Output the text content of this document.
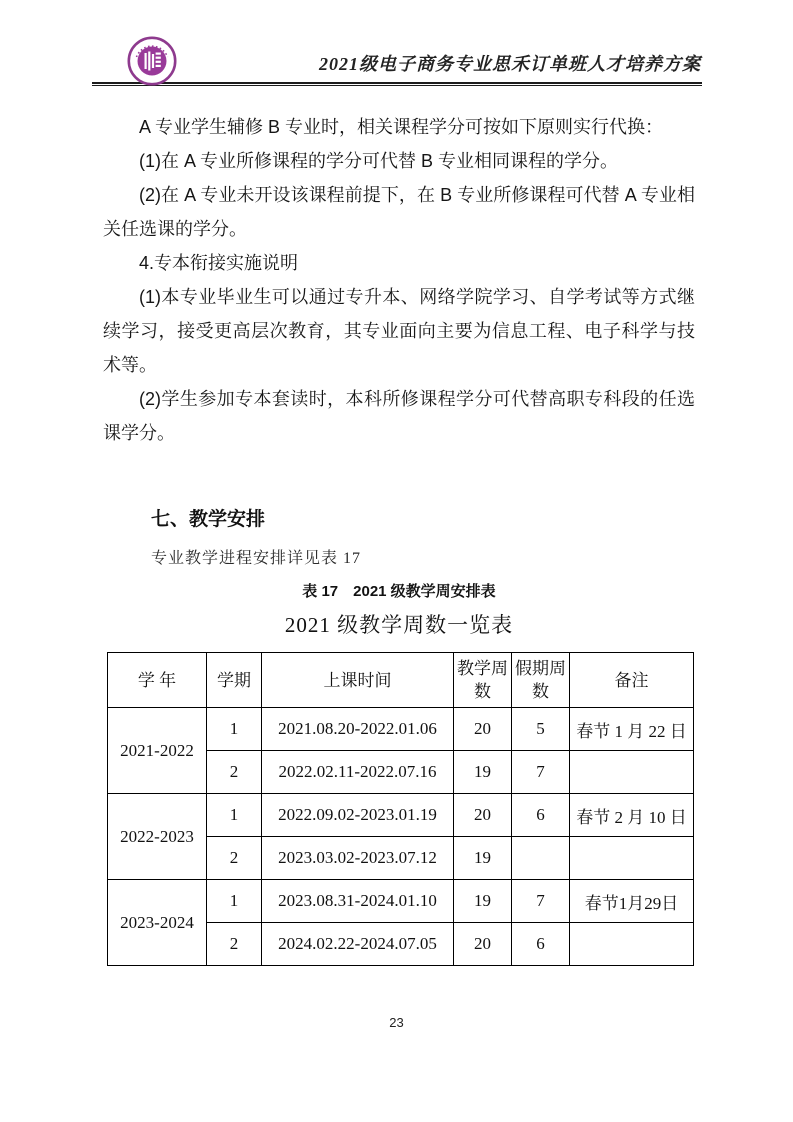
2021级电子商务专业思禾订单班人才培养方案

A 专业学生辅修 B 专业时，相关课程学分可按如下原则实行代换：

(1)在 A 专业所修课程的学分可代替 B 专业相同课程的学分。

(2)在 A 专业未开设该课程前提下，在 B 专业所修课程可代替 A 专业相关任选课的学分。

4.专本衔接实施说明

(1)本专业毕业生可以通过专升本、网络学院学习、自学考试等方式继续学习，接受更高层次教育，其专业面向主要为信息工程、电子科学与技术等。

(2)学生参加专本套读时，本科所修课程学分可代替高职专科段的任选课学分。

七、教学安排
专业教学进程安排详见表 17
表 17　2021 级教学周安排表
2021 级教学周数一览表
学 年	学期	上课时间	教学周数	假期周数	备注
2021-2022	1	2021.08.20-2022.01.06	20	5	春节 1 月 22 日
	2	2022.02.11-2022.07.16	19	7	
2022-2023	1	2022.09.02-2023.01.19	20	6	春节 2 月 10 日
	2	2023.03.02-2023.07.12	19		
2023-2024	1	2023.08.31-2024.01.10	19	7	春节1月29日
	2	2024.02.22-2024.07.05	20	6	
23
